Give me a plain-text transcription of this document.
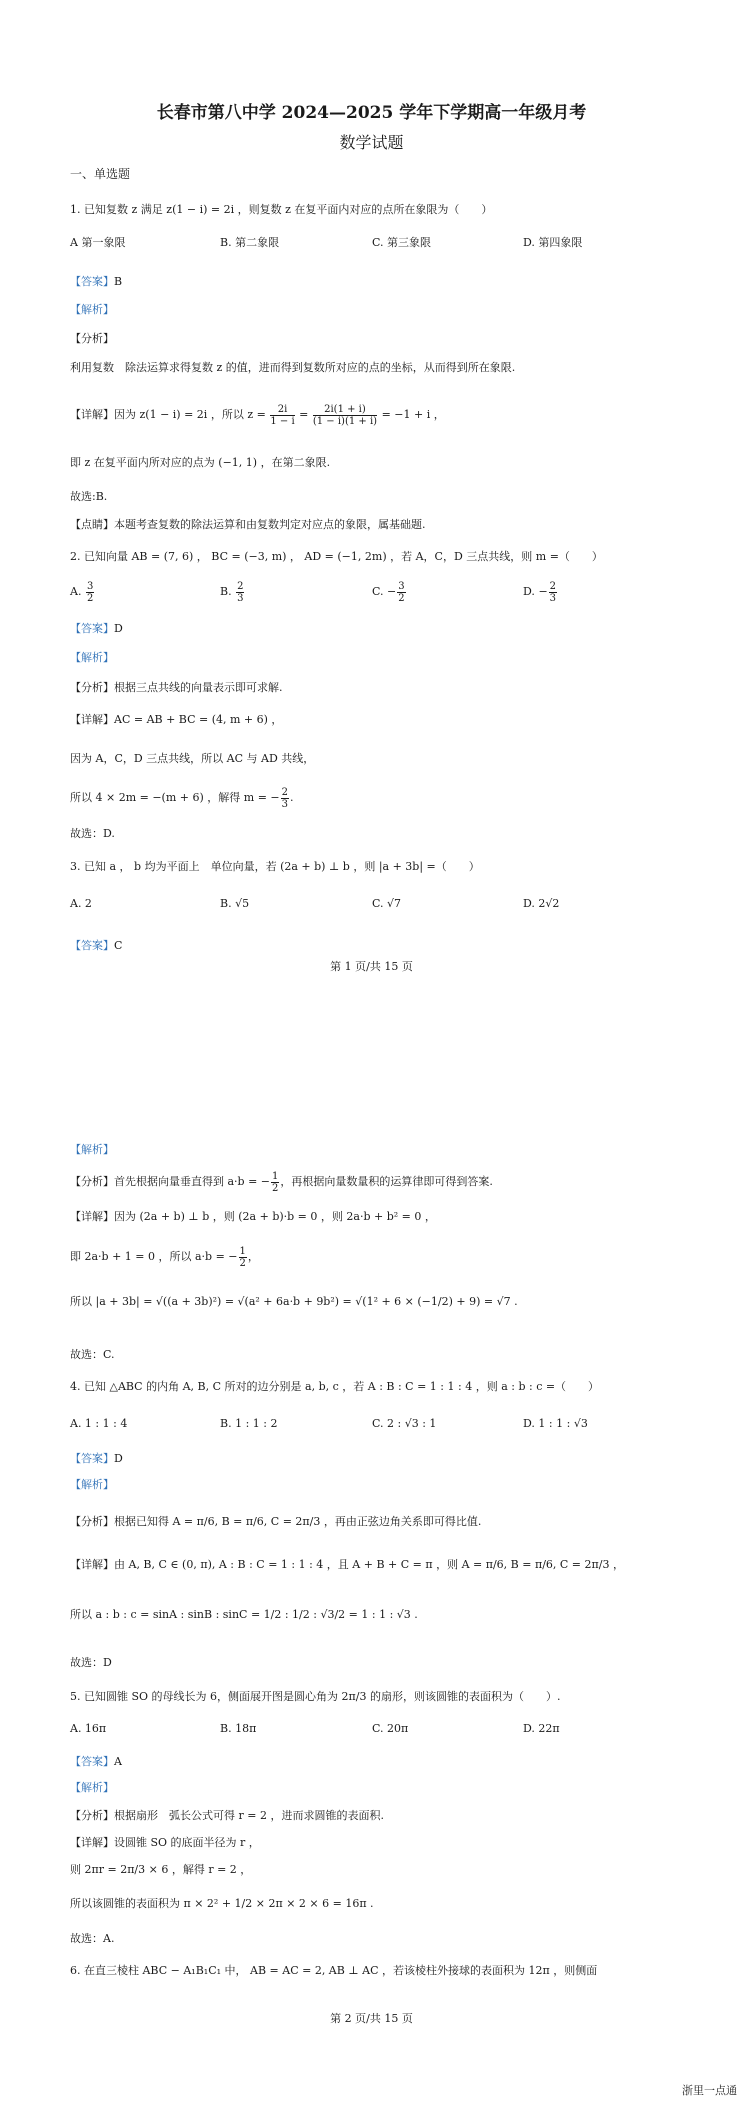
长春市第八中学 2024—2025 学年下学期高一年级月考
数学试题
一、单选题
1. 已知复数 z 满足 z(1 − i) = 2i ，则复数 z 在复平面内对应的点所在象限为（　　）
A 第一象限	B. 第二象限	C. 第三象限	D. 第四象限
【答案】B
【解析】
【分析】
利用复数　除法运算求得复数 z 的值，进而得到复数所对应的点的坐标，从而得到所在象限.
【详解】因为 z(1 − i) = 2i ，所以 $z = \frac{2i}{1 - i} = \frac{2i(1 + i)}{(1 - i)(1 + i)} = -1 + i$ ，
即 z 在复平面内所对应的点为 (−1, 1) ，在第二象限.
故选:B.
【点睛】本题考查复数的除法运算和由复数判定对应点的象限，属基础题.
2. 已知向量 AB = (7, 6) ， BC = (−3, m) ， AD = (−1, 2m) ，若 A，C，D 三点共线，则 m =（　　）
A. $\frac{3}{2}$	B. $\frac{2}{3}$	C. − $\frac{3}{2}$	D. − $\frac{2}{3}$
【答案】D
【解析】
【分析】根据三点共线的向量表示即可求解.
【详解】AC = AB + BC = (4, m + 6) ，
因为 A，C，D 三点共线，所以 AC 与 AD 共线，
所以 4 × 2m = −(m + 6) ，解得 m = − $\frac{2}{3}$ .
故选：D.
3. 已知 a ， b 均为平面上　单位向量，若 (2a + b) ⊥ b ，则 |a + 3b| =（　　）
A. 2	B. √5	C. √7	D. 2√2
【答案】C
第 1 页/共 15 页
【解析】
【分析】首先根据向量垂直得到 a·b = − $\frac{1}{2}$ ，再根据向量数量积的运算律即可得到答案.
【详解】因为 (2a + b) ⊥ b ，则 (2a + b)·b = 0 ，则 2a·b + b² = 0 ，
即 2a·b + 1 = 0 ，所以 a·b = − $\frac{1}{2}$ ，
所以 |a + 3b| = √((a + 3b)²) = √(a² + 6a·b + 9b²) = √(1² + 6 × (−1/2) + 9) = √7 .
故选：C.
4. 已知 △ABC 的内角 A, B, C 所对的边分别是 a, b, c ，若 A : B : C = 1 : 1 : 4 ，则 a : b : c =（　　）
A. 1 : 1 : 4	B. 1 : 1 : 2	C. 2 : √3 : 1	D. 1 : 1 : √3
【答案】D
【解析】
【分析】根据已知得 A = π/6, B = π/6, C = 2π/3 ，再由正弦边角关系即可得比值.
【详解】由 A, B, C ∈ (0, π), A : B : C = 1 : 1 : 4 ，且 A + B + C = π ，则 A = π/6, B = π/6, C = 2π/3 ，
所以 a : b : c = sinA : sinB : sinC = 1/2 : 1/2 : √3/2 = 1 : 1 : √3 .
故选：D
5. 已知圆锥 SO 的母线长为 6，侧面展开图是圆心角为 2π/3 的扇形，则该圆锥的表面积为（　　）.
A. 16π	B. 18π	C. 20π	D. 22π
【答案】A
【解析】
【分析】根据扇形　弧长公式可得 r = 2 ，进而求圆锥的表面积.
【详解】设圆锥 SO 的底面半径为 r ，
则 2πr = 2π/3 × 6 ，解得 r = 2 ，
所以该圆锥的表面积为 π × 2² + 1/2 × 2π × 2 × 6 = 16π .
故选：A.
6. 在直三棱柱 ABC − A₁B₁C₁ 中， AB = AC = 2, AB ⊥ AC ，若该棱柱外接球的表面积为 12π ，则侧面
第 2 页/共 15 页
浙里一点通
